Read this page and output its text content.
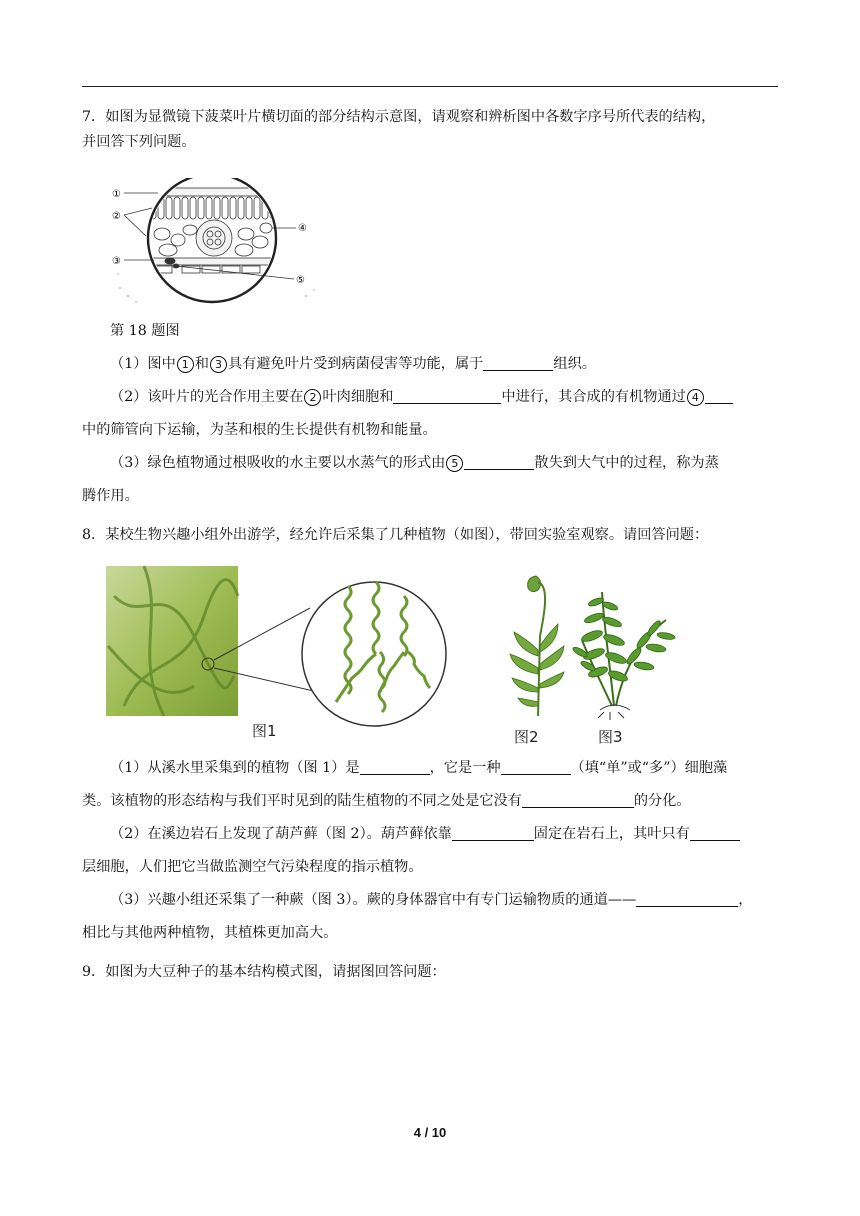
7．如图为显微镜下菠菜叶片横切面的部分结构示意图，请观察和辨析图中各数字序号所代表的结构，
并回答下列问题。
①
②
③
④
⑤
第 18 题图
（1）图中 1 和 3 具有避免叶片受到病菌侵害等功能，属于	组织。
（2）该叶片的光合作用主要在 2 叶肉细胞和	中进行，其合成的有机物通过 4
中的筛管向下运输，为茎和根的生长提供有机物和能量。
（3）绿色植物通过根吸收的水主要以水蒸气的形式由 5	散失到大气中的过程，称为蒸
腾作用。
8．某校生物兴趣小组外出游学，经允许后采集了几种植物（如图），带回实验室观察。请回答问题：
图1	图2	图3
（1）从溪水里采集到的植物（图 1）是	，它是一种	（填“单”或“多”）细胞藻
类。该植物的形态结构与我们平时见到的陆生植物的不同之处是它没有	的分化。
（2）在溪边岩石上发现了葫芦藓（图 2）。葫芦藓依靠	固定在岩石上，其叶只有
层细胞，人们把它当做监测空气污染程度的指示植物。
（3）兴趣小组还采集了一种蕨（图 3）。蕨的身体器官中有专门运输物质的通道——	，
相比与其他两种植物，其植株更加高大。
9．如图为大豆种子的基本结构模式图，请据图回答问题：
4 / 10
